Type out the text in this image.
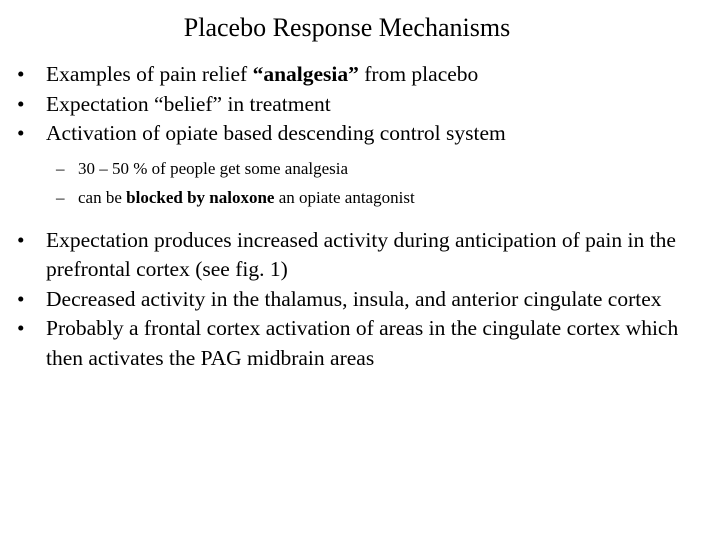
Placebo Response Mechanisms
• Examples of pain relief “analgesia” from placebo
• Expectation “belief” in treatment
• Activation of opiate based descending control system
– 30 – 50 % of people get some analgesia
– can be blocked by naloxone an opiate antagonist
• Expectation produces increased activity during anticipation of pain in the prefrontal cortex (see fig. 1)
• Decreased activity in the thalamus, insula, and anterior cingulate cortex
• Probably a frontal cortex activation of areas in the cingulate cortex which then activates the PAG midbrain areas
